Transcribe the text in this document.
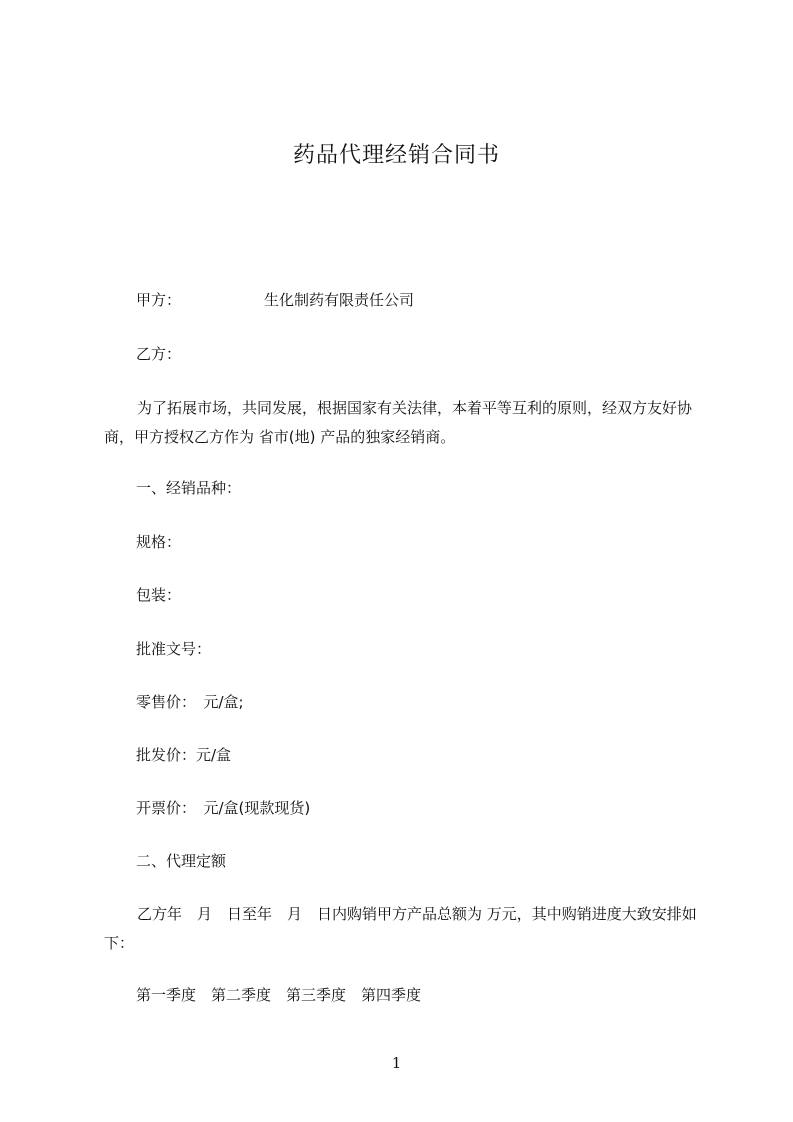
药品代理经销合同书
甲方：	生化制药有限责任公司
乙方：

为了拓展市场，共同发展，根据国家有关法律，本着平等互利的原则，经双方友好协商，甲方授权乙方作为 省市(地) 产品的独家经销商。

一、经销品种：
规格：
包装：
批准文号：
零售价：　元/盒;
批发价：元/盒
开票价：　元/盒(现款现货)
二、代理定额

乙方年　月　日至年　月　日内购销甲方产品总额为 万元，其中购销进度大致安排如下：

第一季度　第二季度　第三季度　第四季度
1
